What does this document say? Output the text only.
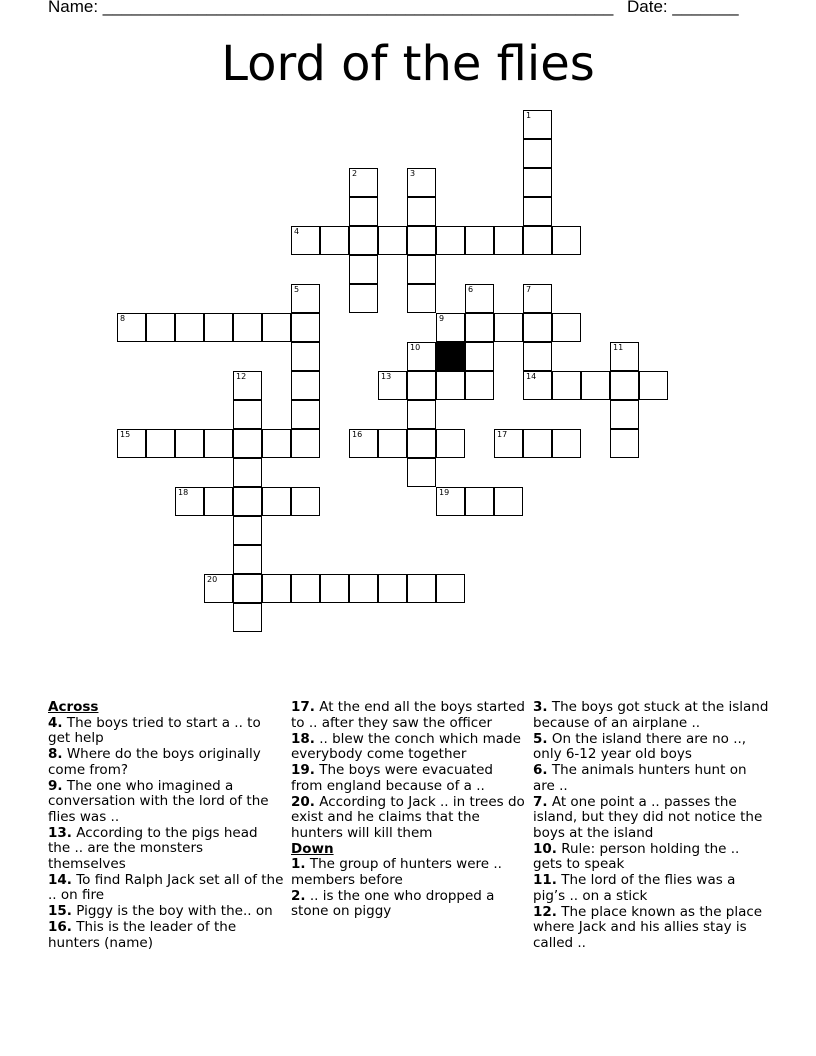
Name: ______________________________________________________ Date: _______
Lord of the flies
1
2	3
4
5	6	7
14
8	9
10	11
12	13
15	16	17
18	19
20
Across
4. The boys tried to start a .. to get help
8. Where do the boys originally come from?
9. The one who imagined a conversation with the lord of the flies was ..
13. According to the pigs head the .. are the monsters themselves
14. To find Ralph Jack set all of the .. on fire
15. Piggy is the boy with the.. on
16. This is the leader of the hunters (name)
17. At the end all the boys started to .. after they saw the officer
18. .. blew the conch which made everybody come together
19. The boys were evacuated from england because of a ..
20. According to Jack .. in trees do exist and he claims that the hunters will kill them
Down
1. The group of hunters were .. members before
2. .. is the one who dropped a stone on piggy
3. The boys got stuck at the island because of an airplane ..
5. On the island there are no .., only 6-12 year old boys
6. The animals hunters hunt on are ..
7. At one point a .. passes the island, but they did not notice the boys at the island
10. Rule: person holding the .. gets to speak
11. The lord of the flies was a pig’s .. on a stick
12. The place known as the place where Jack and his allies stay is called ..
